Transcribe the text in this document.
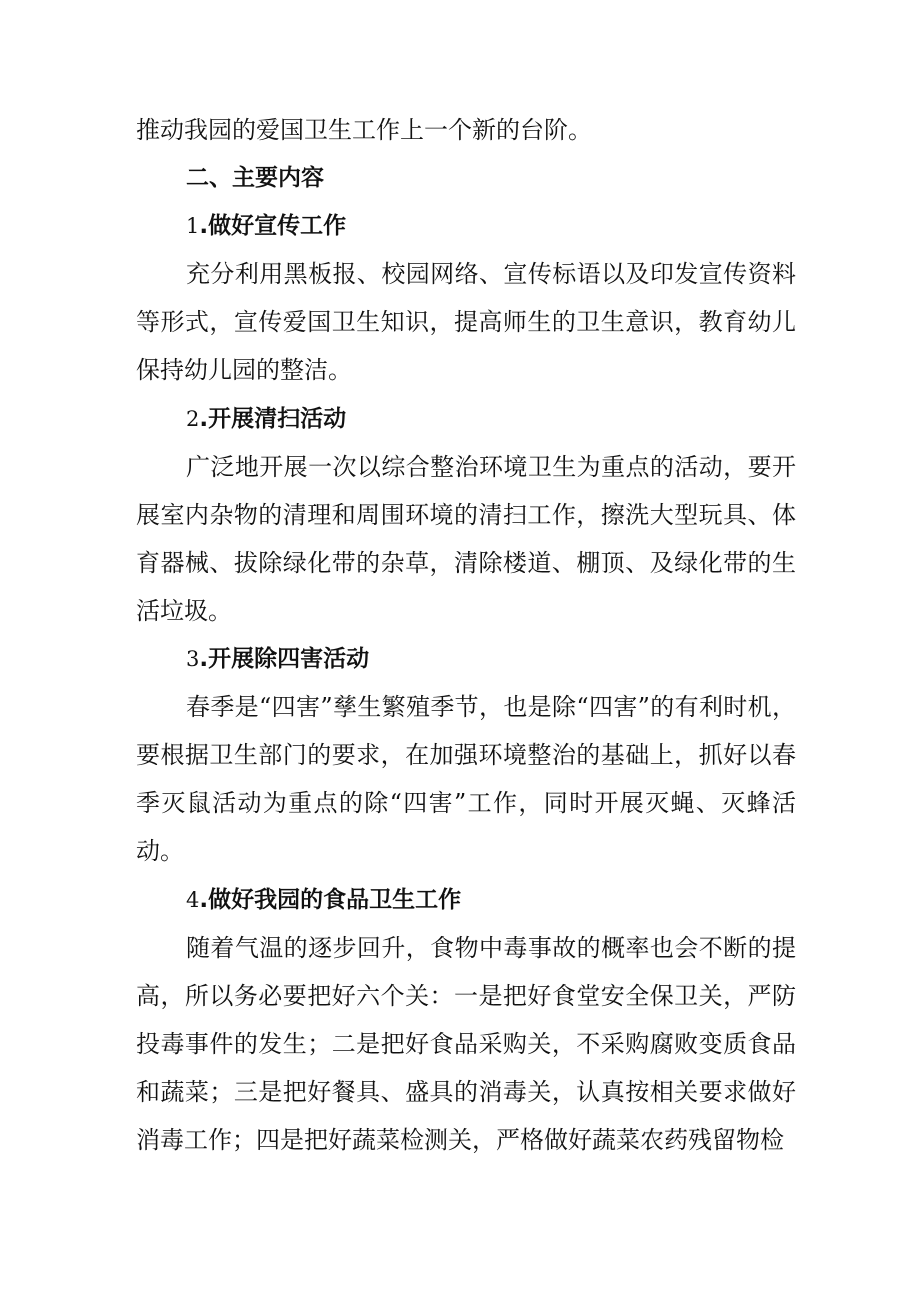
推动我园的爱国卫生工作上一个新的台阶。

二、主要内容

1.做好宣传工作

充分利用黑板报、校园网络、宣传标语以及印发宣传资料等形式，宣传爱国卫生知识，提高师生的卫生意识，教育幼儿保持幼儿园的整洁。

2.开展清扫活动

广泛地开展一次以综合整治环境卫生为重点的活动，要开展室内杂物的清理和周围环境的清扫工作，擦洗大型玩具、体育器械、拔除绿化带的杂草，清除楼道、棚顶、及绿化带的生活垃圾。

3.开展除四害活动

春季是“四害”孳生繁殖季节，也是除“四害”的有利时机，要根据卫生部门的要求，在加强环境整治的基础上，抓好以春季灭鼠活动为重点的除“四害”工作，同时开展灭蝇、灭蜂活动。

4.做好我园的食品卫生工作

随着气温的逐步回升，食物中毒事故的概率也会不断的提高，所以务必要把好六个关：一是把好食堂安全保卫关，严防投毒事件的发生；二是把好食品采购关，不采购腐败变质食品和蔬菜；三是把好餐具、盛具的消毒关，认真按相关要求做好消毒工作；四是把好蔬菜检测关，严格做好蔬菜农药残留物检
